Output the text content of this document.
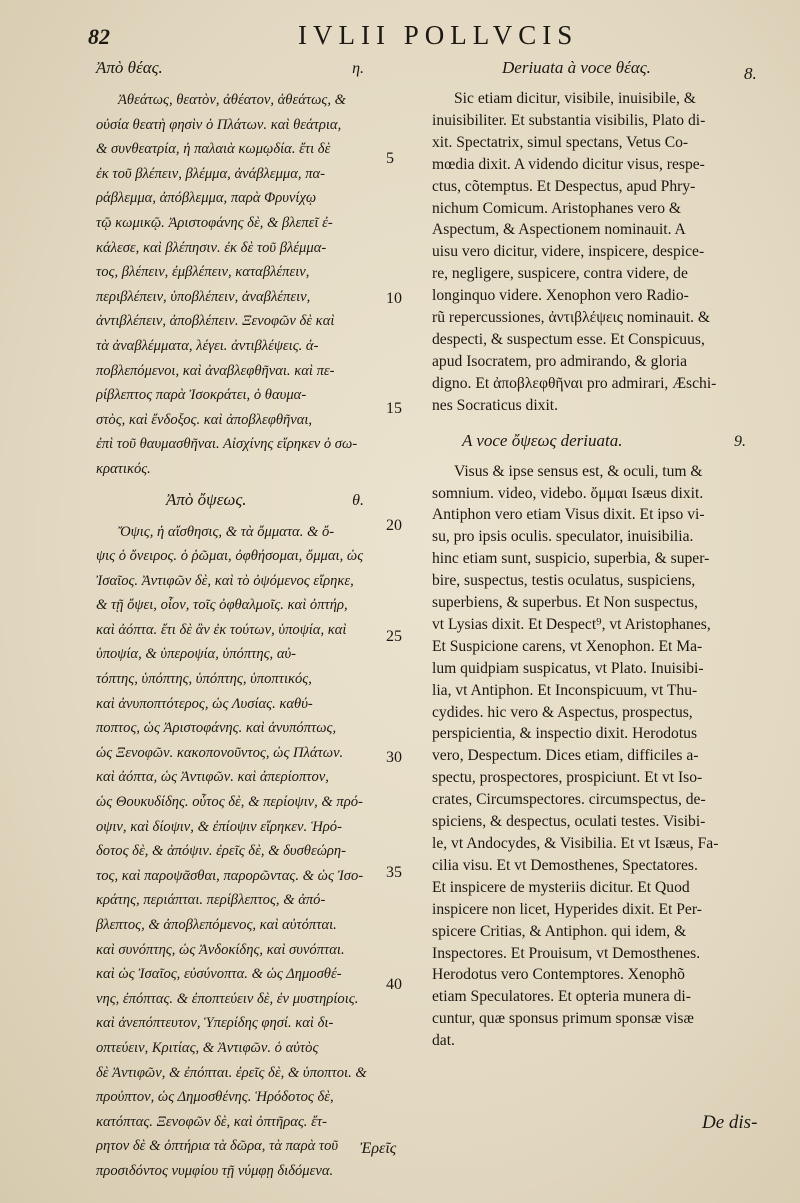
82	IVLII POLLVCIS
8.
Ἀπὸ θέας.	η.
Ἀθεάτως, θεατὸν, ἀθέατον, ἀθεάτως, &
οὐσία θεατὴ φησὶν ὁ Πλάτων. καὶ θεάτρια,
& συνθεατρία, ἡ παλαιὰ κωμῳδία. ἔτι δὲ
ἐκ τοῦ βλέπειν, βλέμμα, ἀνάβλεμμα, πα-
ράβλεμμα, ἀπόβλεμμα, παρὰ Φρυνίχῳ
τῷ κωμικῷ. Ἀριστοφάνης δὲ, & βλεπεῖ ἐ-
κάλεσε, καὶ βλέπησιν. ἐκ δὲ τοῦ βλέμμα-
τος, βλέπειν, ἐμβλέπειν, καταβλέπειν,
περιβλέπειν, ὑποβλέπειν, ἀναβλέπειν,
ἀντιβλέπειν, ἀποβλέπειν. Ξενοφῶν δὲ καὶ
τὰ ἀναβλέμματα, λέγει. ἀντιβλέψεις. ἀ-
ποβλεπόμενοι, καὶ ἀναβλεφθῆναι. καὶ πε-
ρίβλεπτος παρὰ Ἰσοκράτει, ὁ θαυμα-
στὸς, καὶ ἔνδοξος. καὶ ἀποβλεφθῆναι,
ἐπὶ τοῦ θαυμασθῆναι. Αἰσχίνης εἴρηκεν ὁ σω-
κρατικός.
Ἀπὸ ὄψεως.	θ.
Ὄψις, ἡ αἴσθησις, & τὰ ὄμματα. & ὄ-
ψις ὁ ὄνειρος. ὁ ῥῶμαι, ὀφθήσομαι, ὄμμαι, ὡς
Ἰσαῖος. Ἀντιφῶν δὲ, καὶ τὸ ὀψόμενος εἴρηκε,
& τῇ ὄψει, οἷον, τοῖς ὀφθαλμοῖς. καὶ ὀπτήρ,
καὶ ἀόπτα. ἔτι δὲ ἂν ἐκ τούτων, ὑποψία, καὶ
ὑποψία, & ὑπεροψία, ὑπόπτης, αὐ-
τόπτης, ὑπόπτης, ὑπόπτης, ὑποπτικός,
καὶ ἀνυποπτότερος, ὡς Λυσίας. καθύ-
ποπτος, ὡς Ἀριστοφάνης. καὶ ἀνυπόπτως,
ὡς Ξενοφῶν. κακοπονοῦντος, ὡς Πλάτων.
καὶ ἀόπτα, ὡς Ἀντιφῶν. καὶ ἀπερίοπτον,
ὡς Θουκυδίδης. οὗτος δὲ, & περίοψιν, & πρό-
οψιν, καὶ δίοψιν, & ἐπίοψιν εἴρηκεν. Ἡρό-
δοτος δὲ, & ἀπόψιν. ἐρεῖς δὲ, & δυσθεώρη-
τος, καὶ παροψᾶσθαι, παρορῶντας. & ὡς Ἰσο-
κράτης, περιάπται. περίβλεπτος, & ἀπό-
βλεπτος, & ἀποβλεπόμενος, καὶ αὐτόπται.
καὶ συνόπτης, ὡς Ἀνδοκίδης, καὶ συνόπται.
καὶ ὡς Ἰσαῖος, εὐσύνοπτα. & ὡς Δημοσθέ-
νης, ἐπόπτας. & ἐποπτεύειν δὲ, ἐν μυστηρίοις.
καὶ ἀνεπόπτευτον, Ὑπερίδης φησί. καὶ δι-
οπτεύειν, Κριτίας, & Ἀντιφῶν. ὁ αὐτὸς
δὲ Ἀντιφῶν, & ἐπόπται. ἐρεῖς δὲ, & ὑποπτοι. &
προὐπτον, ὡς Δημοσθένης. Ἡρόδοτος δὲ,
κατόπτας. Ξενοφῶν δὲ, καὶ ὀπτῆρας. ἔτ-
ρητον δὲ & ὀπτήρια τὰ δῶρα, τὰ παρὰ τοῦ
προσιδόντος νυμφίου τῇ νύμφῃ διδόμενα.
5
10
15
20
25
30
35
40
Deriuata à voce θέας.
Sic etiam dicitur, visibile, inuisibile, &
inuisibiliter. Et substantia visibilis, Plato di-
xit. Spectatrix, simul spectans, Vetus Co-
mœdia dixit. A videndo dicitur visus, respe-
ctus, cõtemptus. Et Despectus, apud Phry-
nichum Comicum. Aristophanes vero &
Aspectum, & Aspectionem nominauit. A
uisu vero dicitur, videre, inspicere, despice-
re, negligere, suspicere, contra videre, de
longinquo videre. Xenophon vero Radio-
rũ repercussiones, ἀντιβλέψεις nominauit. &
despecti, & suspectum esse. Et Conspicuus,
apud Isocratem, pro admirando, & gloria
digno. Et ἀποβλεφθῆναι pro admirari, Æschi-
nes Socraticus dixit.
A voce ὄψεως deriuata.	9.
Visus & ipse sensus est, & oculi, tum &
somnium. video, videbo. ὄμμαι Isæus dixit.
Antiphon vero etiam Visus dixit. Et ipso vi-
su, pro ipsis oculis. speculator, inuisibilia.
hinc etiam sunt, suspicio, superbia, & super-
bire, suspectus, testis oculatus, suspiciens,
superbiens, & superbus. Et Non suspectus,
vt Lysias dixit. Et Despect⁹, vt Aristophanes,
Et Suspicione carens, vt Xenophon. Et Ma-
lum quidpiam suspicatus, vt Plato. Inuisibi-
lia, vt Antiphon. Et Inconspicuum, vt Thu-
cydides. hic vero & Aspectus, prospectus,
perspicientia, & inspectio dixit. Herodotus
vero, Despectum. Dices etiam, difficiles a-
spectu, prospectores, prospiciunt. Et vt Iso-
crates, Circumspectores. circumspectus, de-
spiciens, & despectus, oculati testes. Visibi-
le, vt Andocydes, & Visibilia. Et vt Isæus, Fa-
cilia visu. Et vt Demosthenes, Spectatores.
Et inspicere de mysteriis dicitur. Et Quod
inspicere non licet, Hyperides dixit. Et Per-
spicere Critias, & Antiphon. qui idem, &
Inspectores. Et Prouisum, vt Demosthenes.
Herodotus vero Contemptores. Xenophõ
etiam Speculatores. Et opteria munera di-
cuntur, quæ sponsus primum sponsæ visæ
dat.
Ἐρεῖς
De dis-
